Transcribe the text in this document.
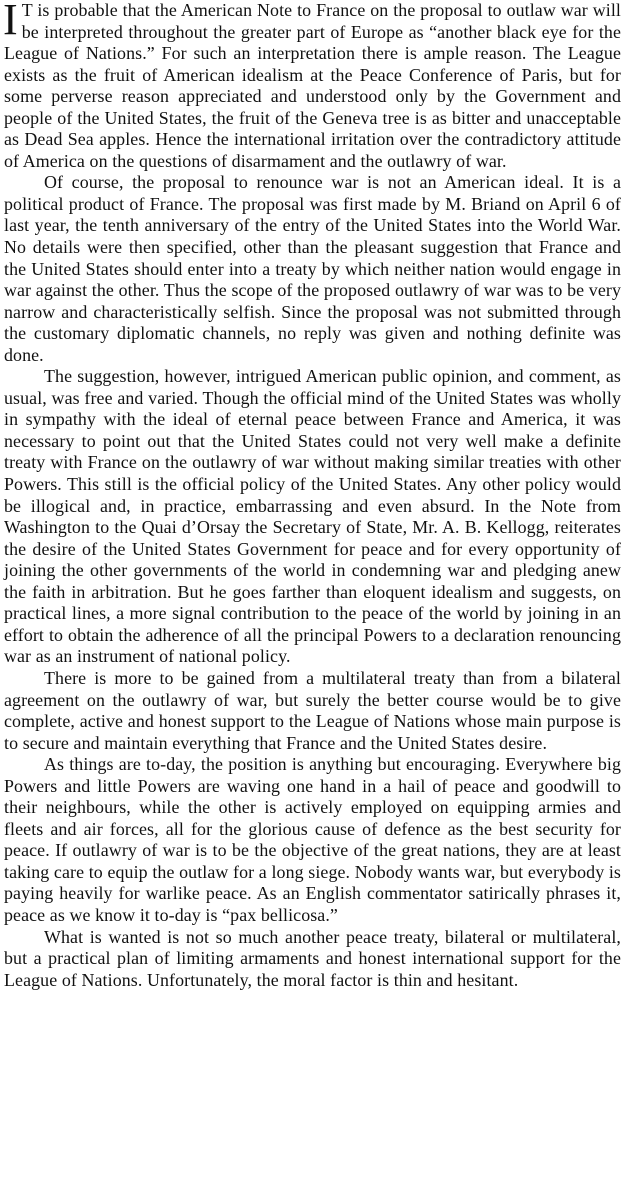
I T is probable that the American Note to France on the proposal to outlaw war will be interpreted throughout the greater part of Europe as “another black eye for the League of Nations.” For such an interpretation there is ample reason. The League exists as the fruit of American idealism at the Peace Conference of Paris, but for some perverse reason appreciated and understood only by the Government and people of the United States, the fruit of the Geneva tree is as bitter and unacceptable as Dead Sea apples. Hence the international irritation over the contradictory attitude of America on the questions of disarmament and the outlawry of war.

Of course, the proposal to renounce war is not an American ideal. It is a political product of France. The proposal was first made by M. Briand on April 6 of last year, the tenth anniversary of the entry of the United States into the World War. No details were then specified, other than the pleasant suggestion that France and the United States should enter into a treaty by which neither nation would engage in war against the other. Thus the scope of the proposed outlawry of war was to be very narrow and characteristically selfish. Since the proposal was not submitted through the customary diplomatic channels, no reply was given and nothing definite was done.

The suggestion, however, intrigued American public opinion, and comment, as usual, was free and varied. Though the official mind of the United States was wholly in sympathy with the ideal of eternal peace between France and America, it was necessary to point out that the United States could not very well make a definite treaty with France on the outlawry of war without making similar treaties with other Powers. This still is the official policy of the United States. Any other policy would be illogical and, in practice, embarrassing and even absurd. In the Note from Washington to the Quai d’Orsay the Secretary of State, Mr. A. B. Kellogg, reiterates the desire of the United States Government for peace and for every opportunity of joining the other governments of the world in condemning war and pledging anew the faith in arbitration. But he goes farther than eloquent idealism and suggests, on practical lines, a more signal contribution to the peace of the world by joining in an effort to obtain the adherence of all the principal Powers to a declaration renouncing war as an instrument of national policy.

There is more to be gained from a multilateral treaty than from a bilateral agreement on the outlawry of war, but surely the better course would be to give complete, active and honest support to the League of Nations whose main purpose is to secure and maintain everything that France and the United States desire.

As things are to-day, the position is anything but encouraging. Everywhere big Powers and little Powers are waving one hand in a hail of peace and goodwill to their neighbours, while the other is actively employed on equipping armies and fleets and air forces, all for the glorious cause of defence as the best security for peace. If outlawry of war is to be the objective of the great nations, they are at least taking care to equip the outlaw for a long siege. Nobody wants war, but everybody is paying heavily for warlike peace. As an English commentator satirically phrases it, peace as we know it to-day is “pax bellicosa.”

What is wanted is not so much another peace treaty, bilateral or multilateral, but a practical plan of limiting armaments and honest international support for the League of Nations. Unfortunately, the moral factor is thin and hesitant.
